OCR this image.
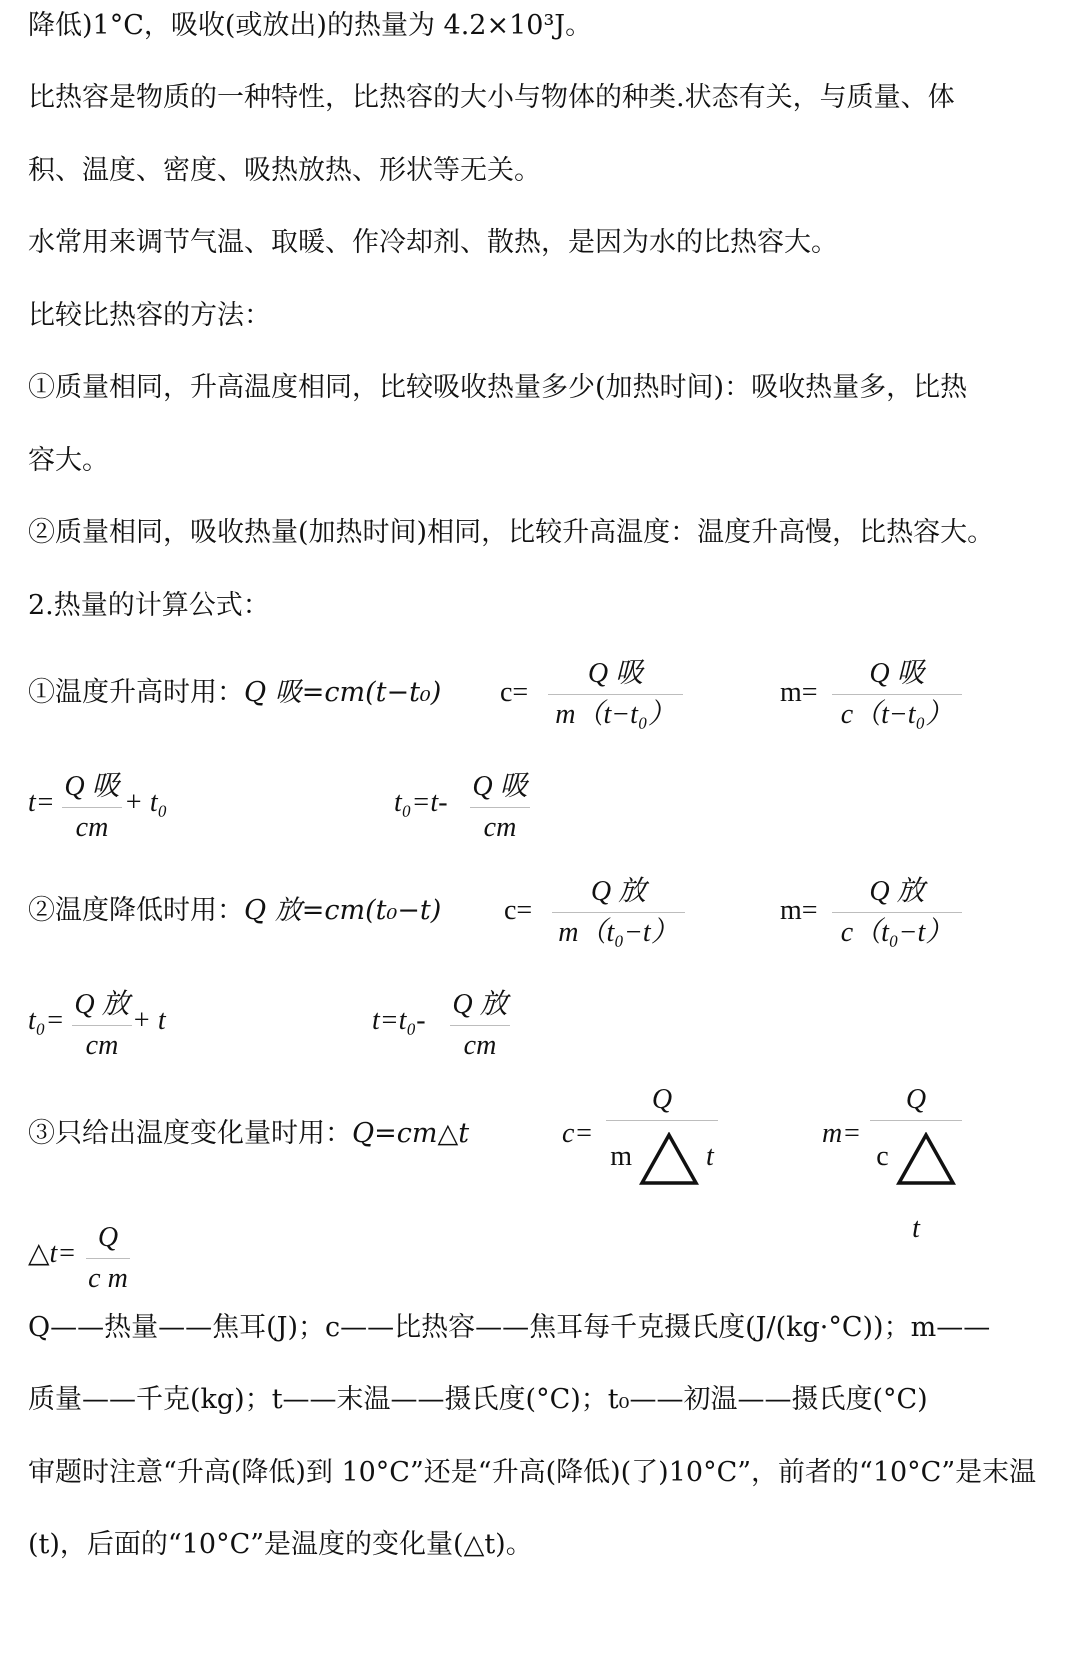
降低)1°C，吸收(或放出)的热量为 4.2×10³J。
比热容是物质的一种特性，比热容的大小与物体的种类.状态有关，与质量、体
积、温度、密度、吸热放热、形状等无关。
水常用来调节气温、取暖、作冷却剂、散热，是因为水的比热容大。
比较比热容的方法：
①质量相同，升高温度相同，比较吸收热量多少(加热时间)：吸收热量多，比热
容大。
②质量相同，吸收热量(加热时间)相同，比较升高温度：温度升高慢，比热容大。
2.热量的计算公式：
①温度升高时用：Q 吸=cm(t−t₀) c=
Q 吸
m（t−t₀）
m=
Q 吸
c（t−t₀）
t=
Q 吸
cm
+ t₀	t₀=t-
Q 吸
cm
②温度降低时用：Q 放=cm(t₀−t) c=
Q 放
m（t₀−t）
m=
Q 放
c（t₀−t）
t₀=
Q 放
cm
+ t	t=t₀-
Q 放
cm
③只给出温度变化量时用：Q=cm△t	c= Q
m	t	$m= \frac{Q}{\text{c  t}}$
△t= $\frac{Q}{\text{c m}}$
Q——热量——焦耳(J)；c——比热容——焦耳每千克摄氏度(J/(kg·°C))；m——
质量——千克(kg)；t——末温——摄氏度(°C)；t₀——初温——摄氏度(°C)
审题时注意“升高(降低)到 10°C”还是“升高(降低)(了)10°C”，前者的“10°C”是末温
(t)，后面的“10°C”是温度的变化量(△t)。
